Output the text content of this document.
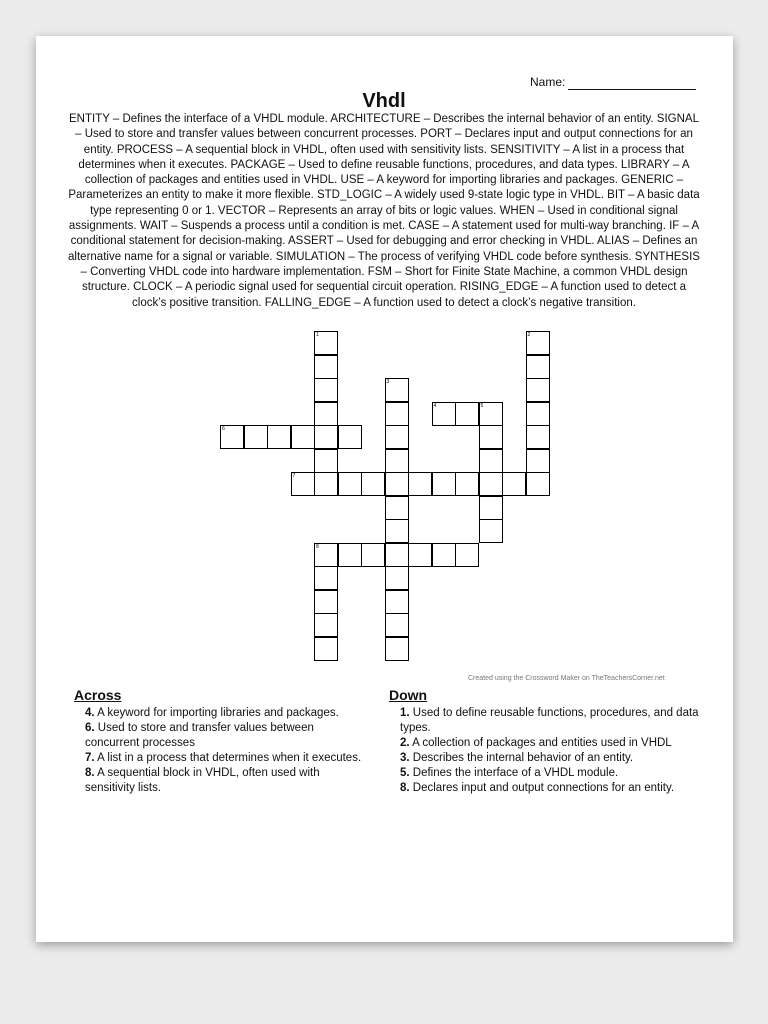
Name:
Vhdl
ENTITY – Defines the interface of a VHDL module. ARCHITECTURE – Describes the internal behavior of an entity. SIGNAL – Used to store and transfer values between concurrent processes. PORT – Declares input and output connections for an entity. PROCESS – A sequential block in VHDL, often used with sensitivity lists. SENSITIVITY – A list in a process that determines when it executes. PACKAGE – Used to define reusable functions, procedures, and data types. LIBRARY – A collection of packages and entities used in VHDL. USE – A keyword for importing libraries and packages. GENERIC – Parameterizes an entity to make it more flexible. STD_LOGIC – A widely used 9-state logic type in VHDL. BIT – A basic data type representing 0 or 1. VECTOR – Represents an array of bits or logic values. WHEN – Used in conditional signal assignments. WAIT – Suspends a process until a condition is met. CASE – A statement used for multi-way branching. IF – A conditional statement for decision-making. ASSERT – Used for debugging and error checking in VHDL. ALIAS – Defines an alternative name for a signal or variable. SIMULATION – The process of verifying VHDL code before synthesis. SYNTHESIS – Converting VHDL code into hardware implementation. FSM – Short for Finite State Machine, a common VHDL design structure. CLOCK – A periodic signal used for sequential circuit operation. RISING_EDGE – A function used to detect a clock’s positive transition. FALLING_EDGE – A function used to detect a clock’s negative transition.
1	2
3
4	5
6
7
8
Created using the Crossword Maker on TheTeachersCorner.net
Across
4. A keyword for importing libraries and packages.
6. Used to store and transfer values between concurrent processes
7. A list in a process that determines when it executes.
8. A sequential block in VHDL, often used with sensitivity lists.
Down
1. Used to define reusable functions, procedures, and data types.
2. A collection of packages and entities used in VHDL
3. Describes the internal behavior of an entity.
5. Defines the interface of a VHDL module.
8. Declares input and output connections for an entity.
